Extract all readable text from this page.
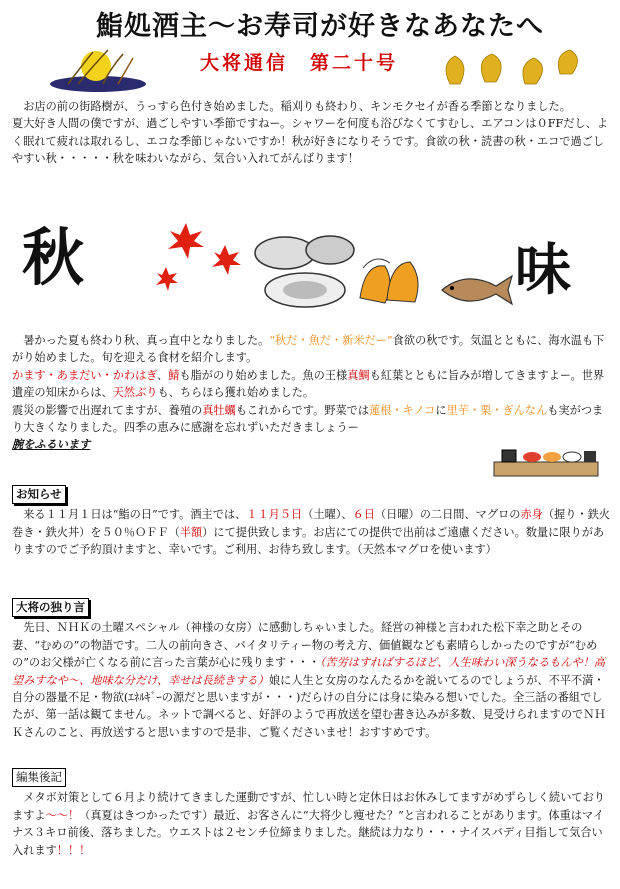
鮨処酒主〜お寿司が好きなあなたへ
大将通信　第二十号
　お店の前の街路樹が、うっすら色付き始めました。稲刈りも終わり、キンモクセイが香る季節となりました。
夏大好き人間の僕ですが、過ごしやすい季節ですねー。シャワーを何度も浴びなくてすむし、エアコンは０FFだし、よく眠れて疲れは取れるし、エコな季節じゃないですか！秋が好きになりそうです。食欲の秋・読書の秋・エコで過ごしやすい秋・・・・・秋を味わいながら、気合い入れてがんばります！
秋	味
　暑かった夏も終わり秋、真っ直中となりました。“秋だ・魚だ・新米だー”食欲の秋です。気温とともに、海水温も下がり始めました。旬を迎える食材を紹介します。
かます・あまだい・かわはぎ、鯖も脂がのり始めました。魚の王様真鯛も紅葉とともに旨みが増してきますよー。世界遺産の知床からは、天然ぶりも、ちらほら獲れ始めました。
震災の影響で出遅れてますが、養殖の真牡蠣もこれからです。野菜では蓮根・キノコに里芋・栗・ぎんなんも実がつまり大きくなりました。四季の恵みに感謝を忘れずいただきましょうー
腕をふるいます
お知らせ
　来る１１月１日は“鮨の日”です。酒主では、１１月５日（土曜）、６日（日曜）の二日間、マグロの赤身（握り・鉄火巻き・鉄火丼）を５０％ＯＦＦ（半額）にて提供致します。お店にての提供で出前はご遠慮ください。数量に限りがありますのでご予約頂けますと、幸いです。ご利用、お待ち致します。（天然本マグロを使います）
大将の独り言
　先日、ＮＨＫの土曜スペシャル（神様の女房）に感動しちゃいました。経営の神様と言われた松下幸之助とその妻、“むめの”の物語です。二人の前向きさ、バイタリティー物の考え方、価値観なども素晴らしかったのですが“むめの”のお父様が亡くなる前に言った言葉が心に残ります・・・（苦労はすればするほど、人生味わい深うなるもんや！高望みすなや〜、地味な分だけ、幸せは長続きする）娘に人生と女房のなんたるかを説いてるのでしょうが、不平不満・自分の器量不足・物欲(ｴﾈﾙｷﾞｰの源だと思いますが・・・)だらけの自分には身に染みる想いでした。全三話の番組でしたが、第一話は観てません。ネットで調べると、好評のようで再放送を望む書き込みが多数、見受けられますのでＮＨＫさんのこと、再放送すると思いますので是非、ご覧くださいませ！おすすめです。
編集後記
　メタボ対策として６月より続けてきました運動ですが、忙しい時と定休日はお休みしてますがめずらしく続いておりますよ〜〜！（真夏はきつかったです）最近、お客さんに“大将少し痩せた？”と言われることがあります。体重はマイナス３キロ前後、落ちました。ウエストは２センチ位締まりました。継続は力なり・・・ナイスバディ目指して気合い入れます！！！
